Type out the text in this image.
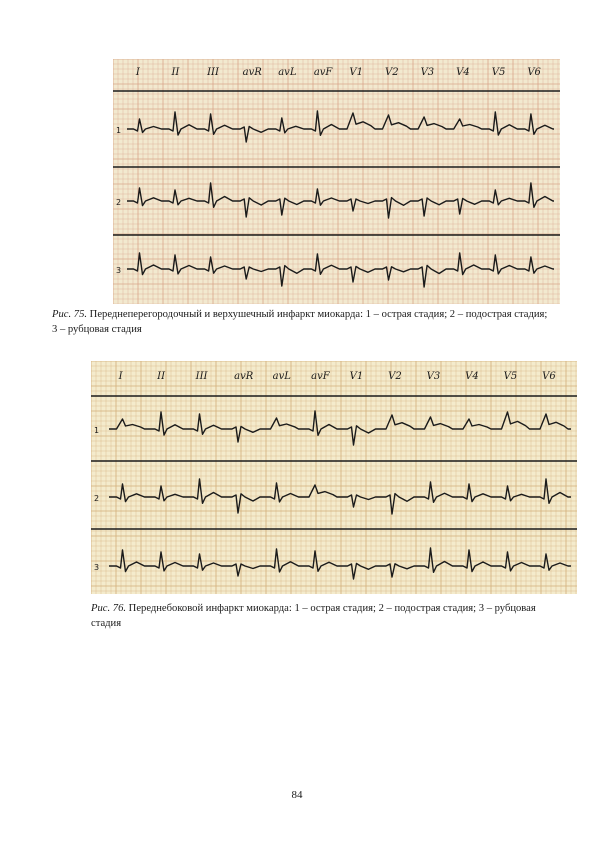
I	II	III avR avL avF V1 V2 V3 V4 V5 V6
1
2
3
Рис. 75. Переднеперегородочный и верхушечный инфаркт миокарда: 1 – острая стадия; 2 – подострая стадия; 3 – рубцовая стадия
I	II	III	avR avL avF V1 V2 V3 V4 V5 V6
1
2
3
Рис. 76. Переднебоковой инфаркт миокарда: 1 – острая стадия; 2 – подострая стадия; 3 – рубцовая стадия
84
